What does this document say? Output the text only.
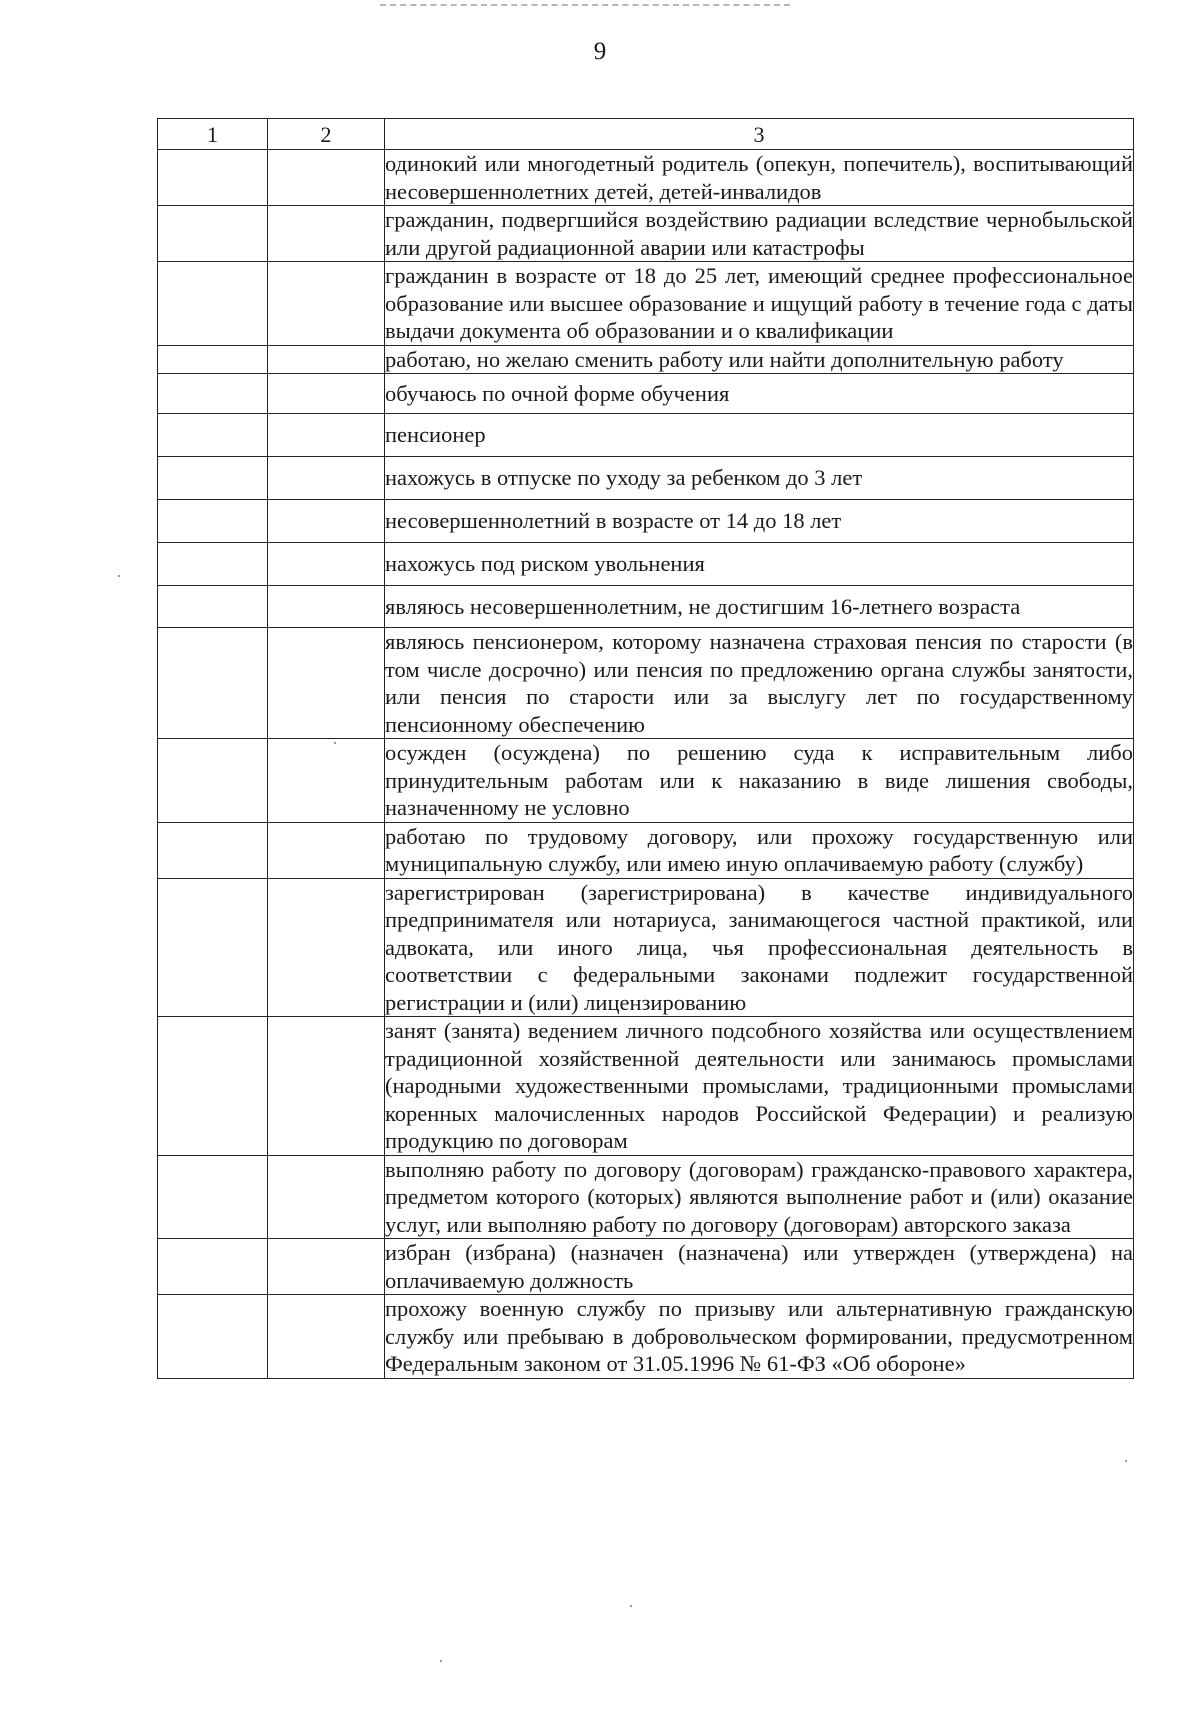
9
1	2	3
		одинокий или многодетный родитель (опекун, попечитель), воспитывающий несовершеннолетних детей, детей-инвалидов
		гражданин, подвергшийся воздействию радиации вследствие чернобыльской или другой радиационной аварии или катастрофы
		гражданин в возрасте от 18 до 25 лет, имеющий среднее профессиональное образование или высшее образование и ищущий работу в течение года с даты выдачи документа об образовании и о квалификации
		работаю, но желаю сменить работу или найти дополнительную работу
		обучаюсь по очной форме обучения
		пенсионер
		нахожусь в отпуске по уходу за ребенком до 3 лет
		несовершеннолетний в возрасте от 14 до 18 лет
		нахожусь под риском увольнения
		являюсь несовершеннолетним, не достигшим 16-летнего возраста
		являюсь пенсионером, которому назначена страховая пенсия по старости (в том числе досрочно) или пенсия по предложению органа службы занятости, или пенсия по старости или за выслугу лет по государственному пенсионному обеспечению
		осужден (осуждена) по решению суда к исправительным либо принудительным работам или к наказанию в виде лишения свободы, назначенному не условно
		работаю по трудовому договору, или прохожу государственную или муниципальную службу, или имею иную оплачиваемую работу (службу)
		зарегистрирован (зарегистрирована) в качестве индивидуального предпринимателя или нотариуса, занимающегося частной практикой, или адвоката, или иного лица, чья профессиональная деятельность в соответствии с федеральными законами подлежит государственной регистрации и (или) лицензированию
		занят (занята) ведением личного подсобного хозяйства или осуществлением традиционной хозяйственной деятельности или занимаюсь промыслами (народными художественными промыслами, традиционными промыслами коренных малочисленных народов Российской Федерации) и реализую продукцию по договорам
		выполняю работу по договору (договорам) гражданско-правового характера, предметом которого (которых) являются выполнение работ и (или) оказание услуг, или выполняю работу по договору (договорам) авторского заказа
		избран (избрана) (назначен (назначена) или утвержден (утверждена) на оплачиваемую должность
		прохожу военную службу по призыву или альтернативную гражданскую службу или пребываю в добровольческом формировании, предусмотренном Федеральным законом от 31.05.1996 № 61-ФЗ «Об обороне»
